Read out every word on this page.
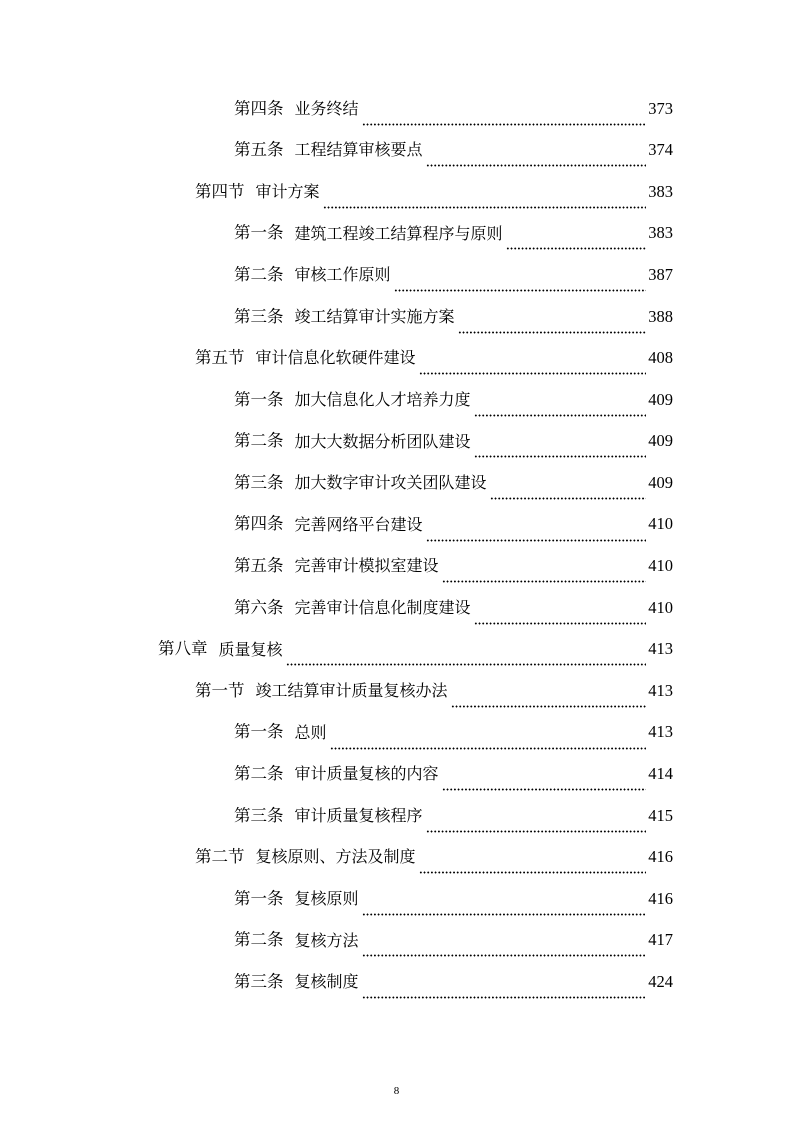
第四条 业务终结	373
第五条 工程结算审核要点	374
第四节 审计方案	383
第一条 建筑工程竣工结算程序与原则	383
第二条 审核工作原则	387
第三条 竣工结算审计实施方案	388
第五节 审计信息化软硬件建设	408
第一条 加大信息化人才培养力度	409
第二条 加大大数据分析团队建设	409
第三条 加大数字审计攻关团队建设	409
第四条 完善网络平台建设	410
第五条 完善审计模拟室建设	410
第六条 完善审计信息化制度建设	410
第八章 质量复核	413
第一节 竣工结算审计质量复核办法	413
第一条 总则	413
第二条 审计质量复核的内容	414
第三条 审计质量复核程序	415
第二节 复核原则、方法及制度	416
第一条 复核原则	416
第二条 复核方法	417
第三条 复核制度	424
8
